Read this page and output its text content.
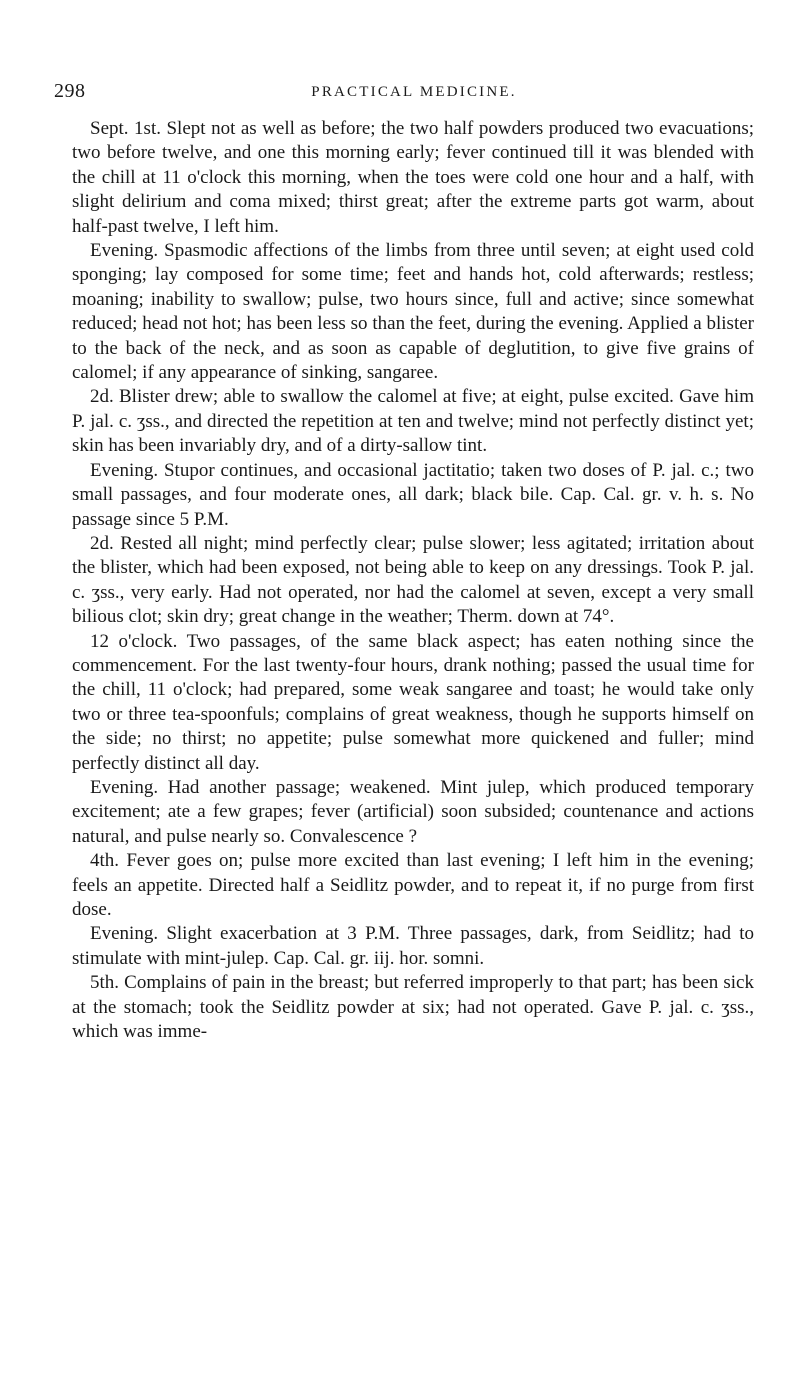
298	PRACTICAL MEDICINE.

Sept. 1st. Slept not as well as before; the two half powders produced two evacuations; two before twelve, and one this morning early; fever continued till it was blended with the chill at 11 o'clock this morning, when the toes were cold one hour and a half, with slight delirium and coma mixed; thirst great; after the extreme parts got warm, about half-past twelve, I left him.

Evening. Spasmodic affections of the limbs from three until seven; at eight used cold sponging; lay composed for some time; feet and hands hot, cold afterwards; restless; moaning; inability to swallow; pulse, two hours since, full and active; since somewhat reduced; head not hot; has been less so than the feet, during the evening. Applied a blister to the back of the neck, and as soon as capable of deglutition, to give five grains of calomel; if any appearance of sinking, sangaree.

2d. Blister drew; able to swallow the calomel at five; at eight, pulse excited. Gave him P. jal. c. ʒss., and directed the repetition at ten and twelve; mind not perfectly distinct yet; skin has been invariably dry, and of a dirty-sallow tint.

Evening. Stupor continues, and occasional jactitatio; taken two doses of P. jal. c.; two small passages, and four moderate ones, all dark; black bile. Cap. Cal. gr. v. h. s. No passage since 5 P.M.

2d. Rested all night; mind perfectly clear; pulse slower; less agitated; irritation about the blister, which had been exposed, not being able to keep on any dressings. Took P. jal. c. ʒss., very early. Had not operated, nor had the calomel at seven, except a very small bilious clot; skin dry; great change in the weather; Therm. down at 74°.

12 o'clock. Two passages, of the same black aspect; has eaten nothing since the commencement. For the last twenty-four hours, drank nothing; passed the usual time for the chill, 11 o'clock; had prepared, some weak sangaree and toast; he would take only two or three tea-spoonfuls; complains of great weakness, though he supports himself on the side; no thirst; no appetite; pulse somewhat more quickened and fuller; mind perfectly distinct all day.

Evening. Had another passage; weakened. Mint julep, which produced temporary excitement; ate a few grapes; fever (artificial) soon subsided; countenance and actions natural, and pulse nearly so. Convalescence ?

4th. Fever goes on; pulse more excited than last evening; I left him in the evening; feels an appetite. Directed half a Seidlitz powder, and to repeat it, if no purge from first dose.

Evening. Slight exacerbation at 3 P.M. Three passages, dark, from Seidlitz; had to stimulate with mint-julep. Cap. Cal. gr. iij. hor. somni.

5th. Complains of pain in the breast; but referred improperly to that part; has been sick at the stomach; took the Seidlitz powder at six; had not operated. Gave P. jal. c. ʒss., which was imme-
